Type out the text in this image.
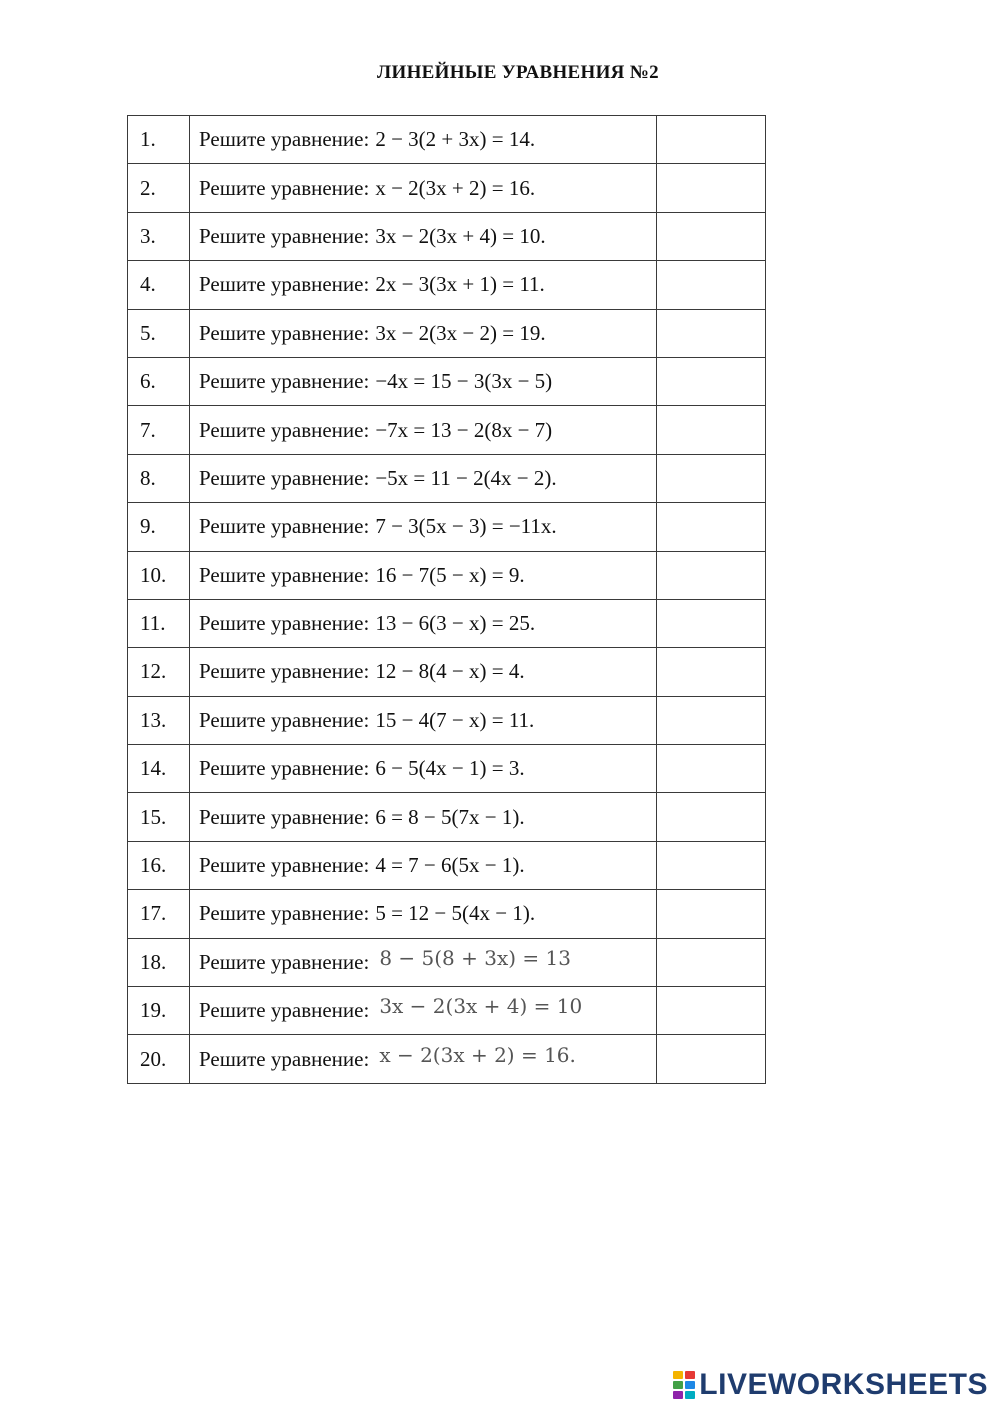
ЛИНЕЙНЫЕ УРАВНЕНИЯ №2
1.	Решите уравнение: 2 − 3(2 + 3x) = 14.	
2.	Решите уравнение: x − 2(3x + 2) = 16.	
3.	Решите уравнение: 3x − 2(3x + 4) = 10.	
4.	Решите уравнение: 2x − 3(3x + 1) = 11.	
5.	Решите уравнение: 3x − 2(3x − 2) = 19.	
6.	Решите уравнение: −4x = 15 − 3(3x − 5)	
7.	Решите уравнение: −7x = 13 − 2(8x − 7)	
8.	Решите уравнение: −5x = 11 − 2(4x − 2).	
9.	Решите уравнение: 7 − 3(5x − 3) = −11x.	
10.	Решите уравнение: 16 − 7(5 − x) = 9.	
11.	Решите уравнение: 13 − 6(3 − x) = 25.	
12.	Решите уравнение: 12 − 8(4 − x) = 4.	
13.	Решите уравнение: 15 − 4(7 − x) = 11.	
14.	Решите уравнение: 6 − 5(4x − 1) = 3.	
15.	Решите уравнение: 6 = 8 − 5(7x − 1).	
16.	Решите уравнение: 4 = 7 − 6(5x − 1).	
17.	Решите уравнение: 5 = 12 − 5(4x − 1).	
18.	Решите уравнение: 8 − 5(8 + 3x) = 13	
19.	Решите уравнение: 3x − 2(3x + 4) = 10	
20.	Решите уравнение: x − 2(3x + 2) = 16.	
LIVEWORKSHEETS
